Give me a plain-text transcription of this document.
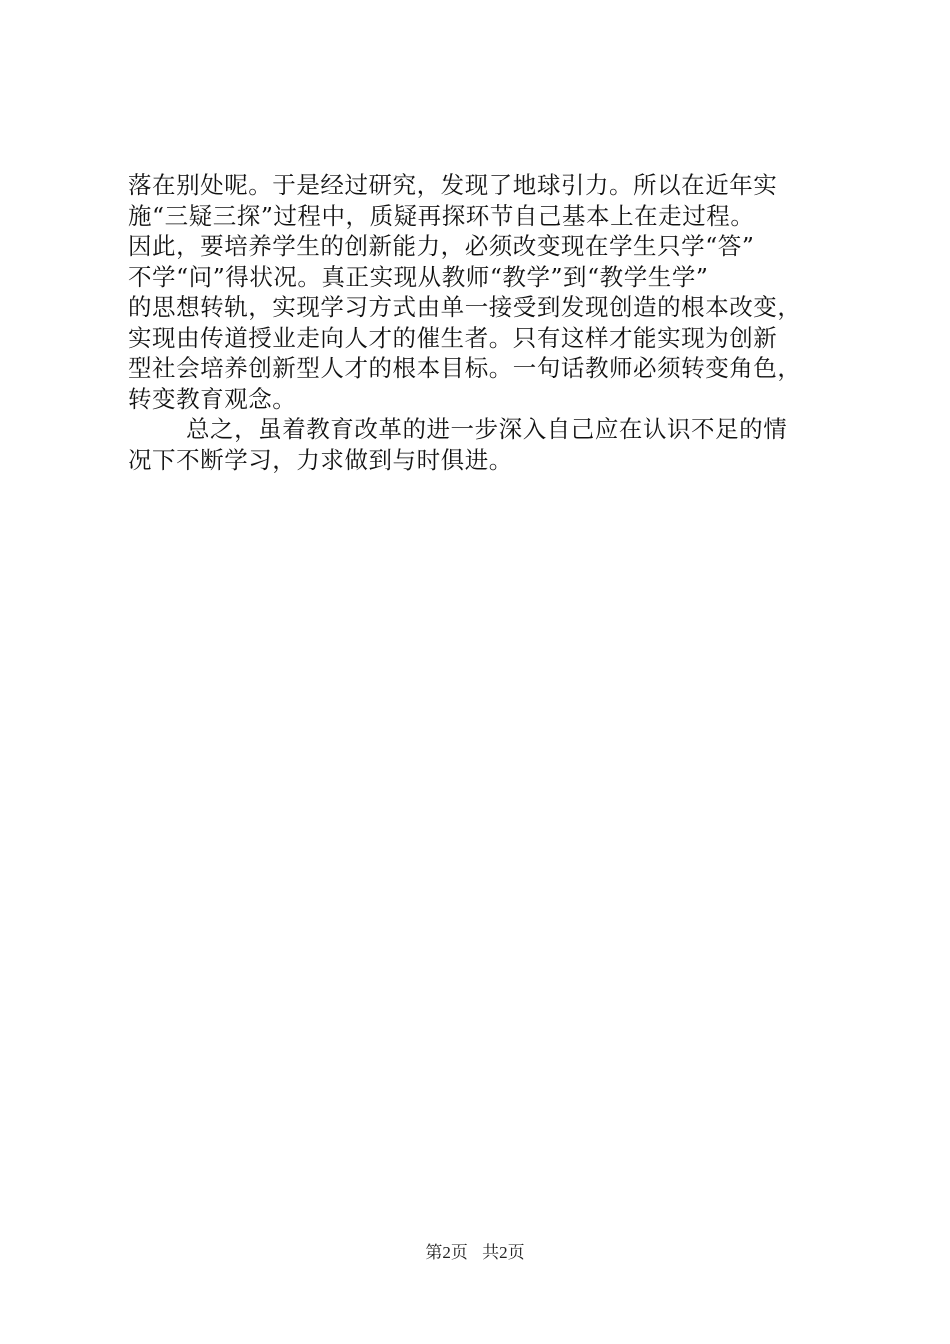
落在别处呢。于是经过研究，发现了地球引力。所以在近年实
施“三疑三探”过程中，质疑再探环节自己基本上在走过程。
因此，要培养学生的创新能力，必须改变现在学生只学“答”
不学“问”得状况。真正实现从教师“教学”到“教学生学”
的思想转轨，实现学习方式由单一接受到发现创造的根本改变，
实现由传道授业走向人才的催生者。只有这样才能实现为创新
型社会培养创新型人才的根本目标。一句话教师必须转变角色，
转变教育观念。
总之，虽着教育改革的进一步深入自己应在认识不足的情
况下不断学习，力求做到与时俱进。
第2页 共2页
